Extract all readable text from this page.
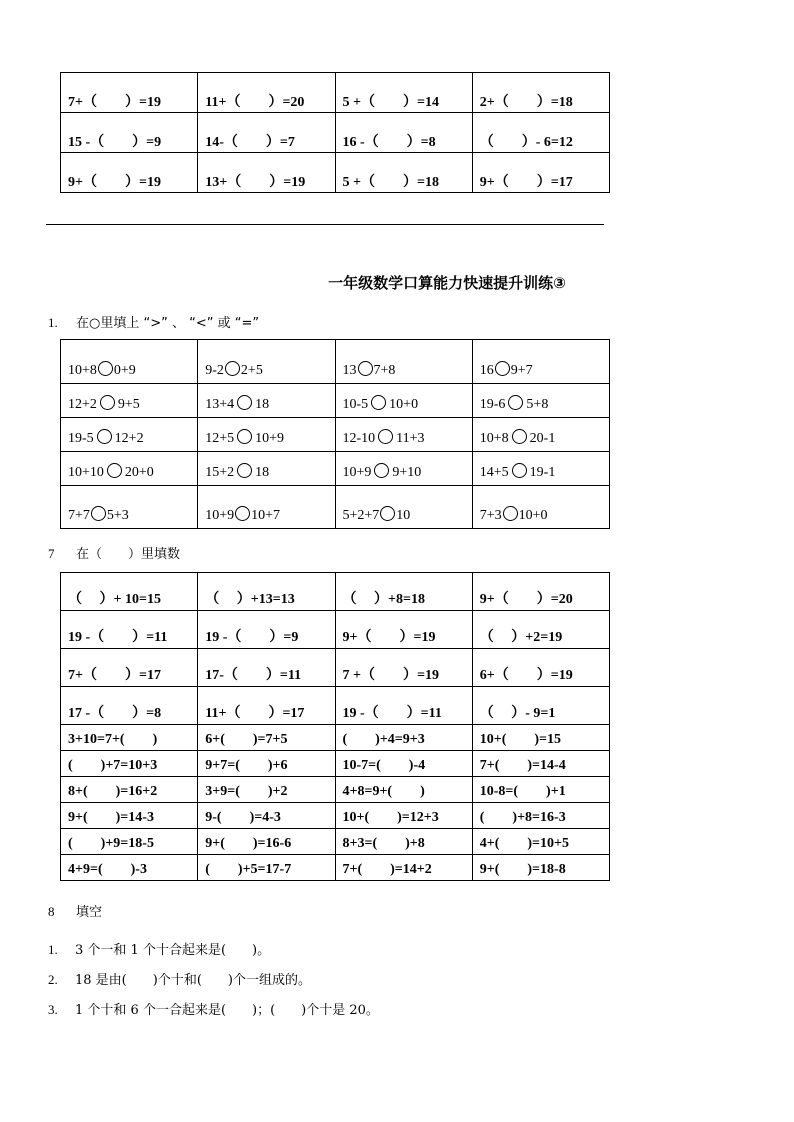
7+（　　）=19	11+（　　）=20	5 +（　　）=14	2+（　　）=18
15 -（　　）=9	14-（　　）=7	16 -（　　）=8	（　　）- 6=12
9+（　　）=19	13+（　　）=19	5 +（　　）=18	9+（　　）=17
一年级数学口算能力快速提升训练③
1. 在○里填上 “>” 、 “<” 或 “=”
10+8 0+9	9-2 2+5	13 7+8	16 9+7
12+2 9+5	13+4 18	10-5 10+0	19-6 5+8
19-5 12+2	12+5 10+9	12-10 11+3	10+8 20-1
10+10 20+0	15+2 18	10+9 9+10	14+5 19-1
7+7 5+3	10+9 10+7	5+2+7 10	7+3 10+0
7 在（　　）里填数
（　 ）+ 10=15	（　 ）+13=13	（　 ）+8=18	9+（　　）=20
19 -（　　）=11	19 -（　　）=9	9+（　　）=19	（　 ）+2=19
7+（　　）=17	17-（　　）=11	7 +（　　）=19	6+（　　）=19
17 -（　　）=8	11+（　　）=17	19 -（　　）=11	（　 ）- 9=1
3+10=7+(　　)	6+(　　)=7+5	(　　)+4=9+3	10+(　　)=15
(　　)+7=10+3	9+7=(　　)+6	10-7=(　　)-4	7+(　　)=14-4
8+(　　)=16+2	3+9=(　　)+2	4+8=9+(　　)	10-8=(　　)+1
9+(　　)=14-3	9-(　　)=4-3	10+(　　)=12+3	(　　)+8=16-3
(　　)+9=18-5	9+(　　)=16-6	8+3=(　　)+8	4+(　　)=10+5
4+9=(　　)-3	(　　)+5=17-7	7+(　　)=14+2	9+(　　)=18-8
8 填空
1. 3 个一和 1 个十合起来是(　　)。
2. 18 是由(　　)个十和(　　)个一组成的。
3. 1 个十和 6 个一合起来是(　　)；(　　)个十是 20。
